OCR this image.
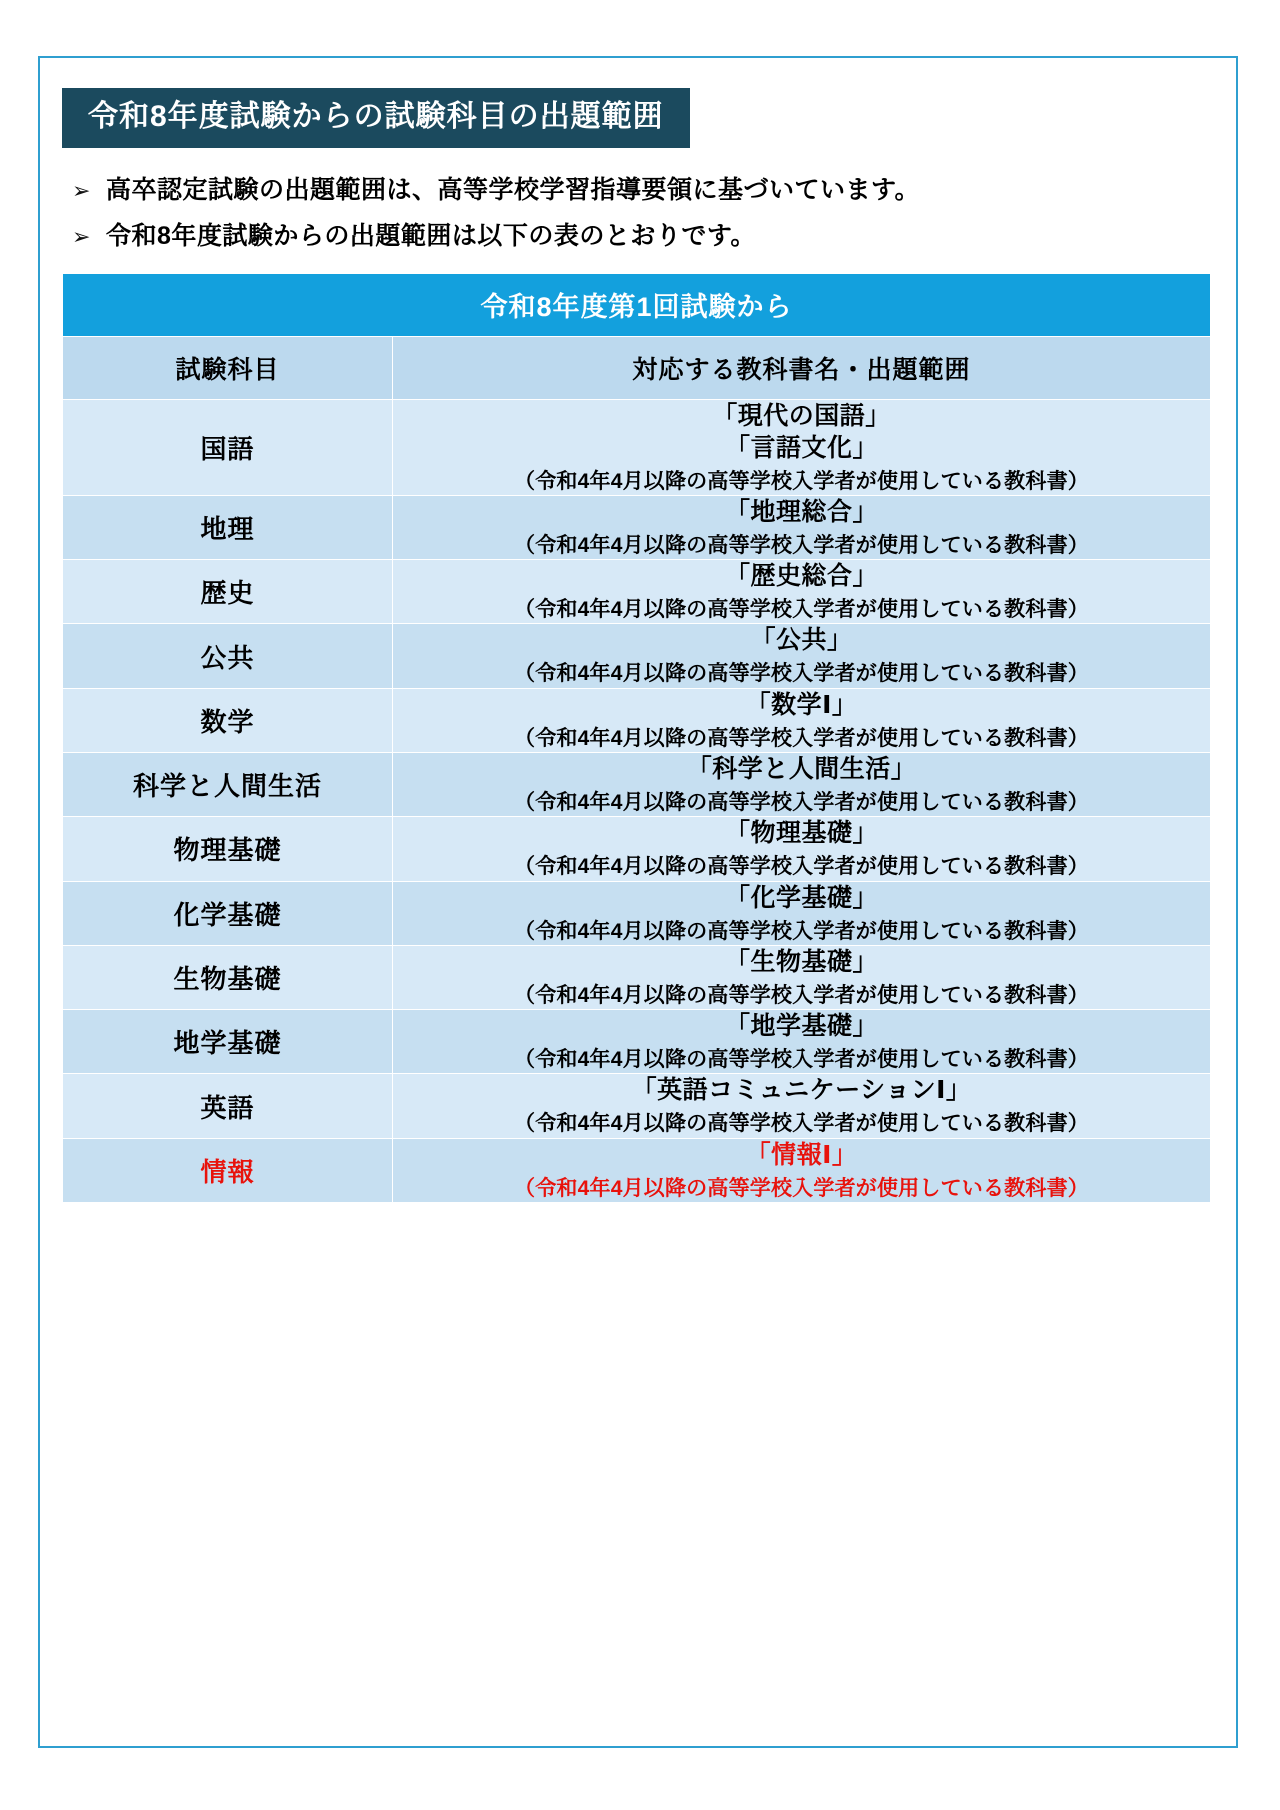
令和8年度試験からの試験科目の出題範囲
➢ 高卒認定試験の出題範囲は、高等学校学習指導要領に基づいています。
➢ 令和8年度試験からの出題範囲は以下の表のとおりです。
令和8年度第1回試験から	
試験科目	対応する教科書名・出題範囲
国語	「現代の国語」
「言語文化」
（令和4年4月以降の高等学校入学者が使用している教科書）

地理	「地理総合」
（令和4年4月以降の高等学校入学者が使用している教科書）

歴史	「歴史総合」
（令和4年4月以降の高等学校入学者が使用している教科書）

公共	「公共」
（令和4年4月以降の高等学校入学者が使用している教科書）

数学	「数学Ⅰ」
（令和4年4月以降の高等学校入学者が使用している教科書）

科学と人間生活	「科学と人間生活」
（令和4年4月以降の高等学校入学者が使用している教科書）

物理基礎	「物理基礎」
（令和4年4月以降の高等学校入学者が使用している教科書）

化学基礎	「化学基礎」
（令和4年4月以降の高等学校入学者が使用している教科書）

生物基礎	「生物基礎」
（令和4年4月以降の高等学校入学者が使用している教科書）

地学基礎	「地学基礎」
（令和4年4月以降の高等学校入学者が使用している教科書）

英語	「英語コミュニケーションⅠ」
（令和4年4月以降の高等学校入学者が使用している教科書）

情報	「情報Ⅰ」
（令和4年4月以降の高等学校入学者が使用している教科書）
